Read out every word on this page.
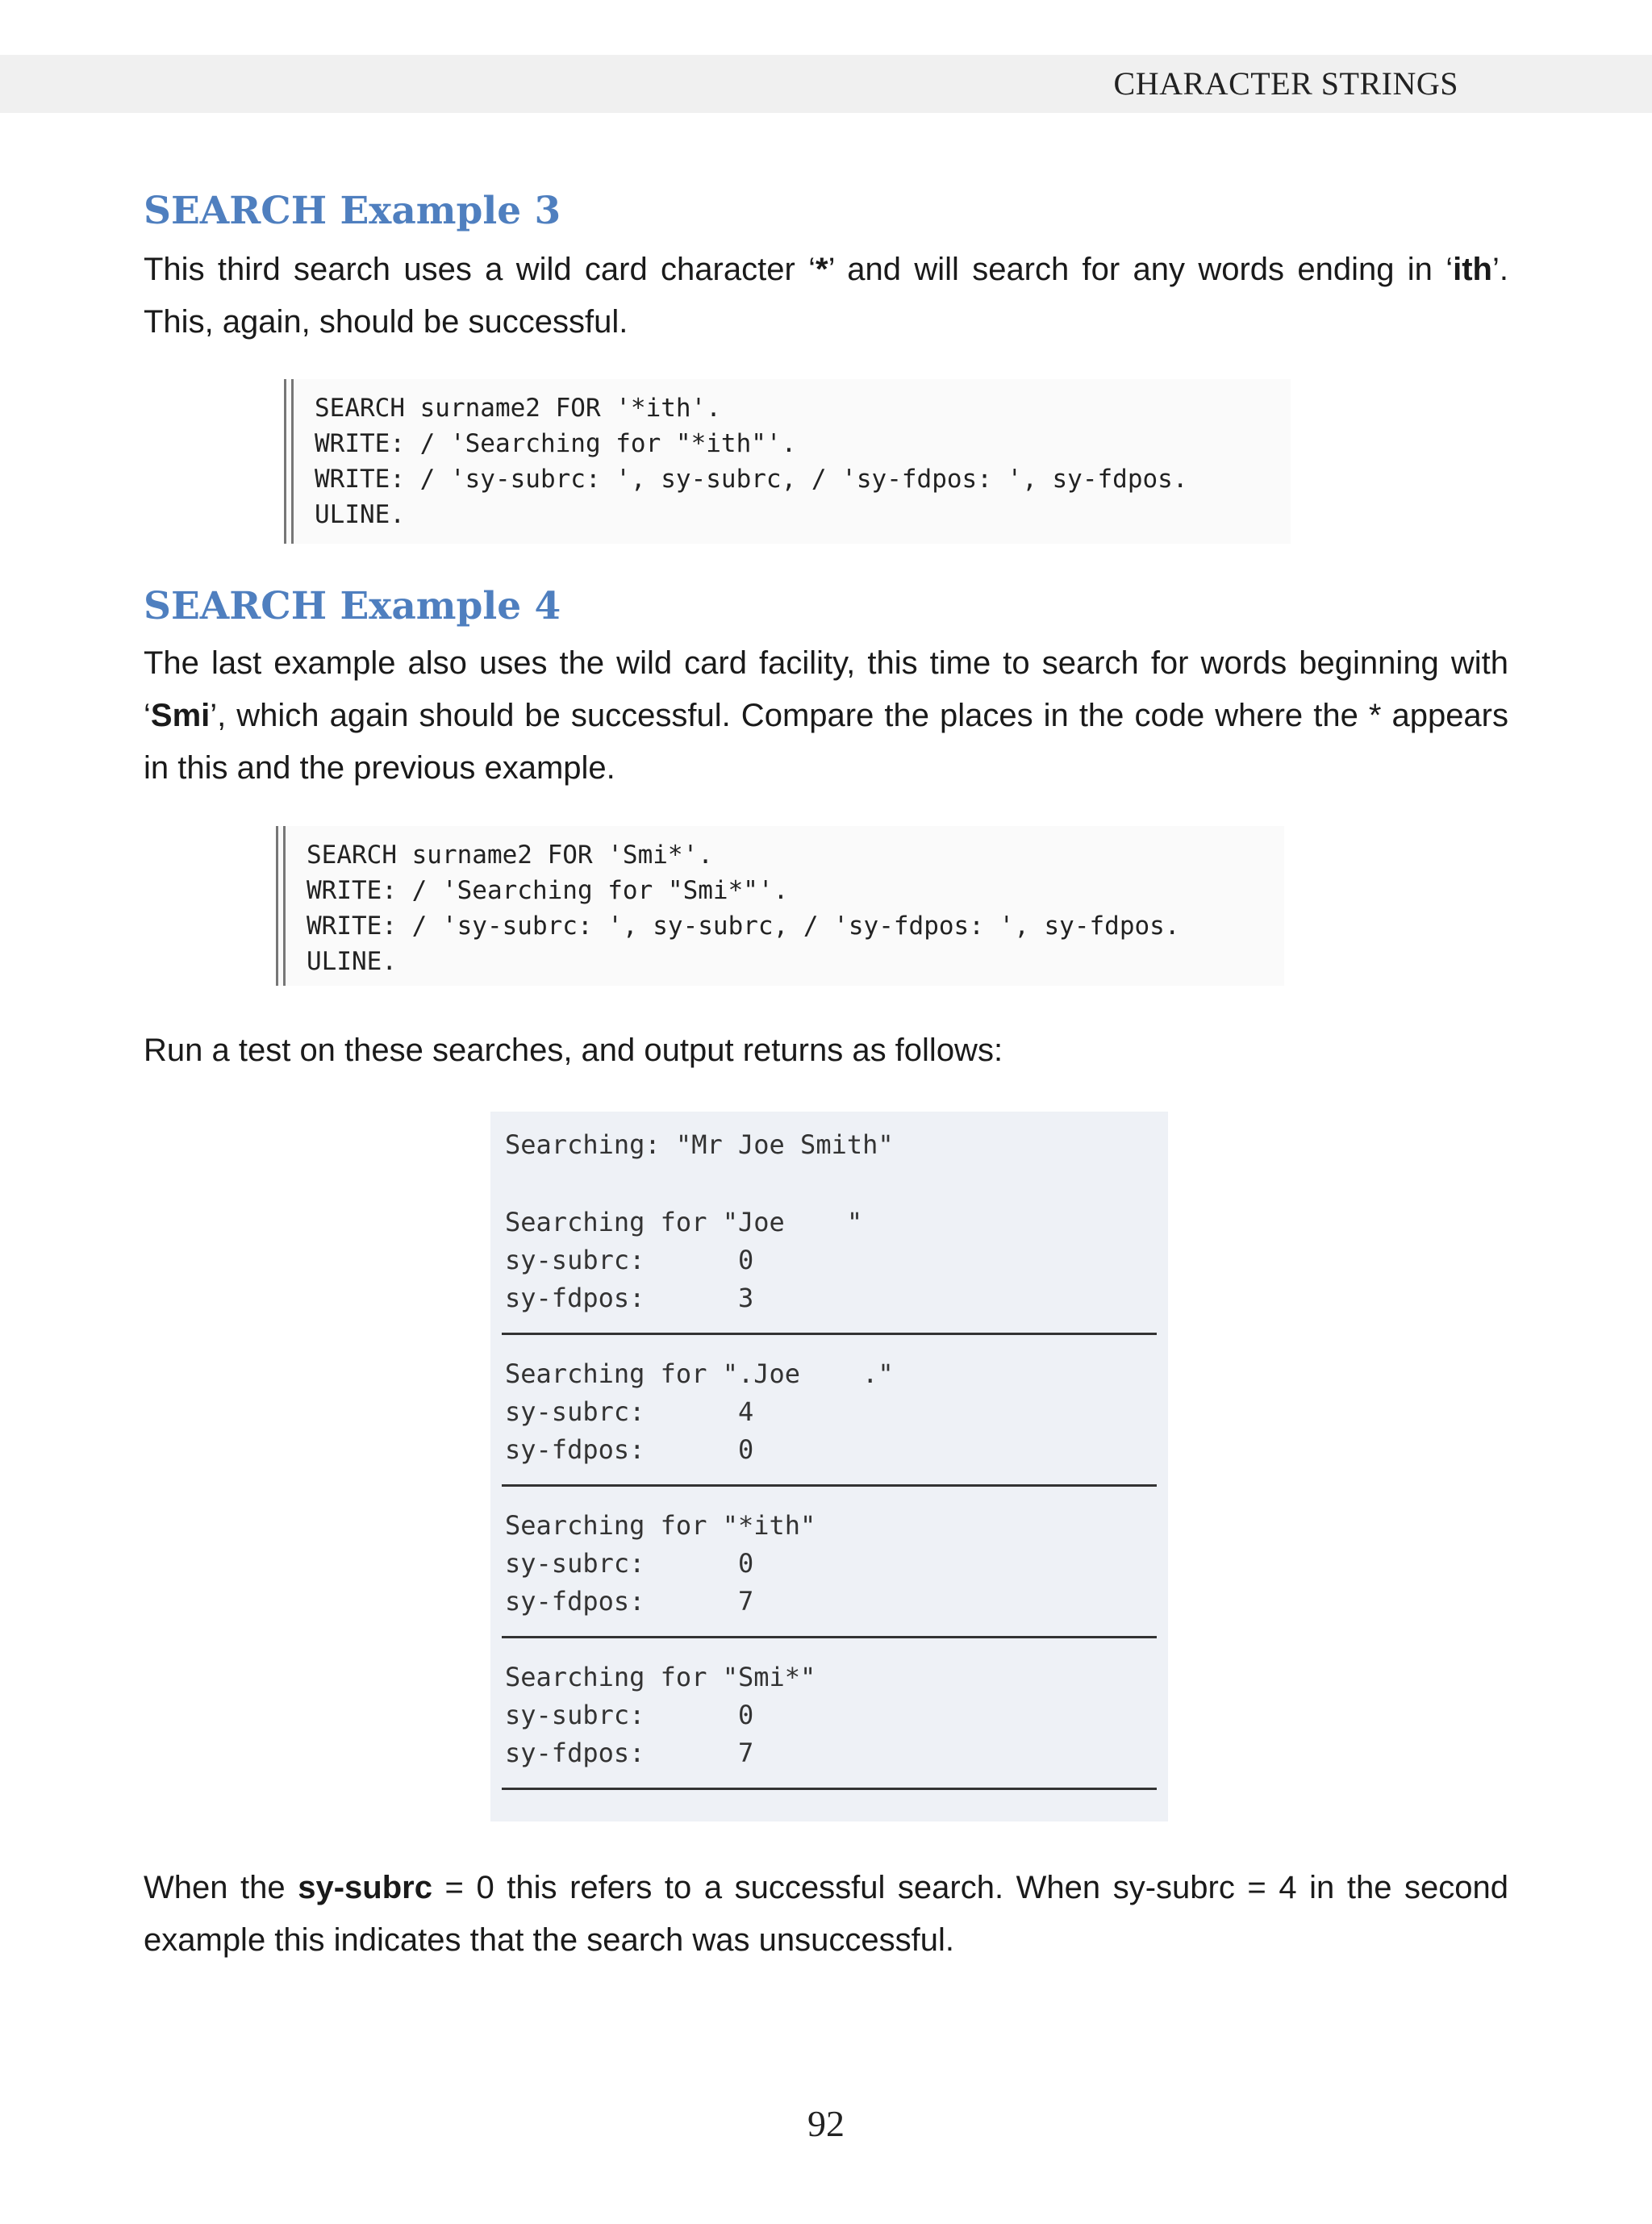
CHARACTER STRINGS
SEARCH Example 3

This third search uses a wild card character ‘*’ and will search for any words ending in ‘ith’. This, again, should be successful.

SEARCH surname2 FOR '*ith'.
WRITE: / 'Searching for "*ith"'.
WRITE: / 'sy-subrc: ', sy-subrc, / 'sy-fdpos: ', sy-fdpos.
ULINE.
SEARCH Example 4

The last example also uses the wild card facility, this time to search for words beginning with ‘Smi’, which again should be successful. Compare the places in the code where the * appears in this and the previous example.

SEARCH surname2 FOR 'Smi*'.
WRITE: / 'Searching for "Smi*"'.
WRITE: / 'sy-subrc: ', sy-subrc, / 'sy-fdpos: ', sy-fdpos.
ULINE.

Run a test on these searches, and output returns as follows:

Searching: "Mr Joe Smith"
Searching for "Joe    "
sy-subrc:      0
sy-fdpos:      3
Searching for ".Joe    ."
sy-subrc:      4
sy-fdpos:      0
Searching for "*ith"
sy-subrc:      0
sy-fdpos:      7
Searching for "Smi*"
sy-subrc:      0
sy-fdpos:      7

When the sy-subrc = 0 this refers to a successful search. When sy-subrc = 4 in the second example this indicates that the search was unsuccessful.

92
